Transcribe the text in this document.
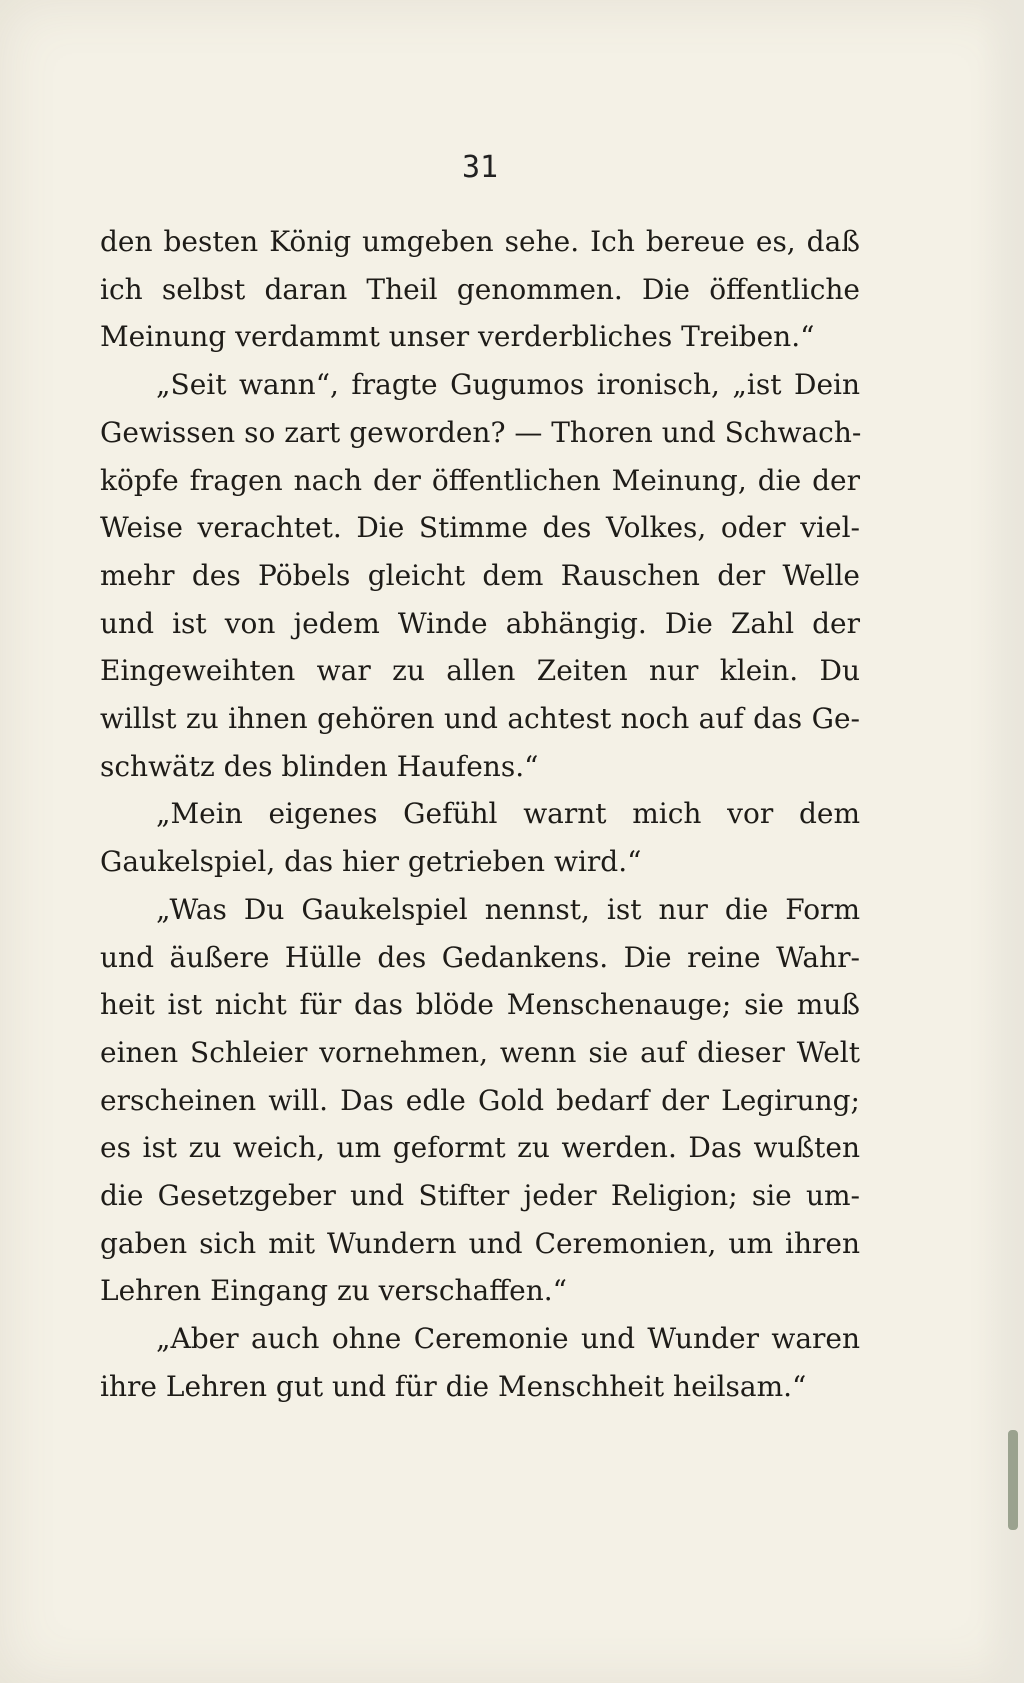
31
den besten König umgeben sehe. Ich bereue es, daß
ich selbst daran Theil genommen. Die öffentliche
Meinung verdammt unser verderbliches Treiben.“
„Seit wann“, fragte Gugumos ironisch, „ist Dein
Gewissen so zart geworden? — Thoren und Schwach-
köpfe fragen nach der öffentlichen Meinung, die der
Weise verachtet. Die Stimme des Volkes, oder viel-
mehr des Pöbels gleicht dem Rauschen der Welle
und ist von jedem Winde abhängig. Die Zahl der
Eingeweihten war zu allen Zeiten nur klein. Du
willst zu ihnen gehören und achtest noch auf das Ge-
schwätz des blinden Haufens.“
„Mein eigenes Gefühl warnt mich vor dem
Gaukelspiel, das hier getrieben wird.“
„Was Du Gaukelspiel nennst, ist nur die Form
und äußere Hülle des Gedankens. Die reine Wahr-
heit ist nicht für das blöde Menschenauge; sie muß
einen Schleier vornehmen, wenn sie auf dieser Welt
erscheinen will. Das edle Gold bedarf der Legirung;
es ist zu weich, um geformt zu werden. Das wußten
die Gesetzgeber und Stifter jeder Religion; sie um-
gaben sich mit Wundern und Ceremonien, um ihren
Lehren Eingang zu verschaffen.“
„Aber auch ohne Ceremonie und Wunder waren
ihre Lehren gut und für die Menschheit heilsam.“
